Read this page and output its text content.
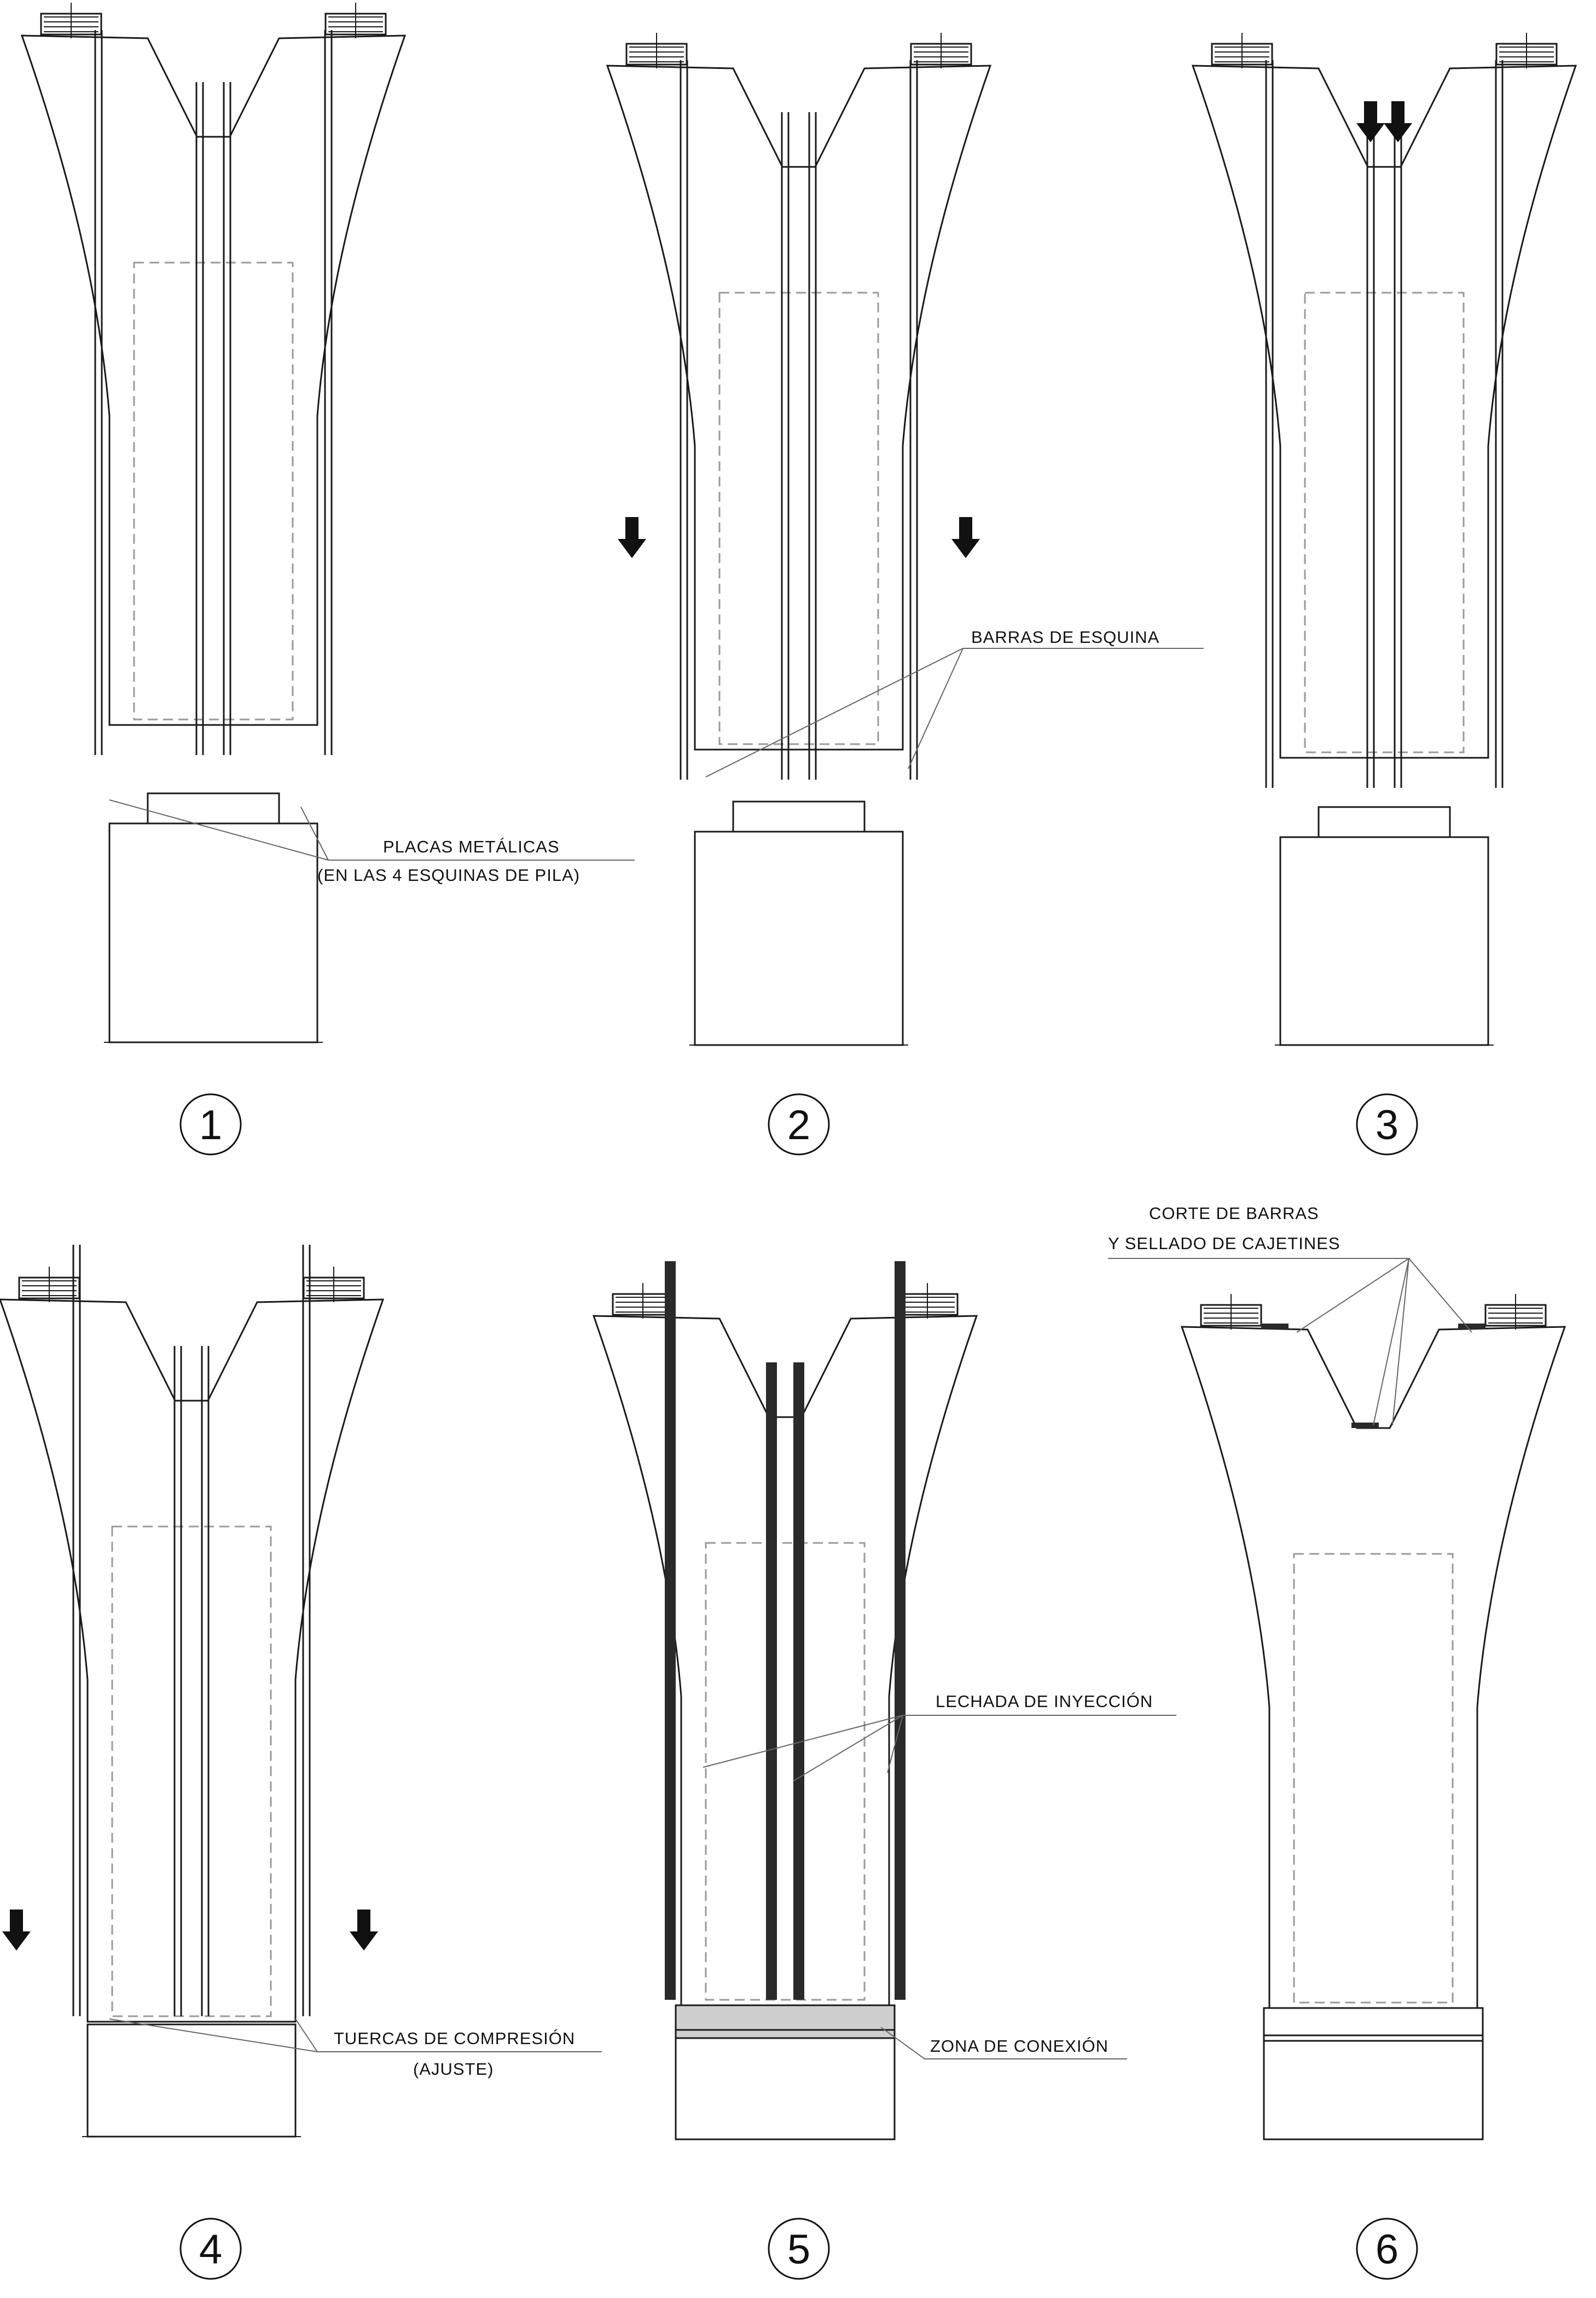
PLACAS METÁLICAS
(EN LAS 4 ESQUINAS DE PILA)
BARRAS DE ESQUINA
TUERCAS DE COMPRESIÓN
(AJUSTE)
LECHADA DE INYECCIÓN
ZONA DE CONEXIÓN
CORTE DE BARRAS
Y SELLADO DE CAJETINES
1	2	3
4	5	6
